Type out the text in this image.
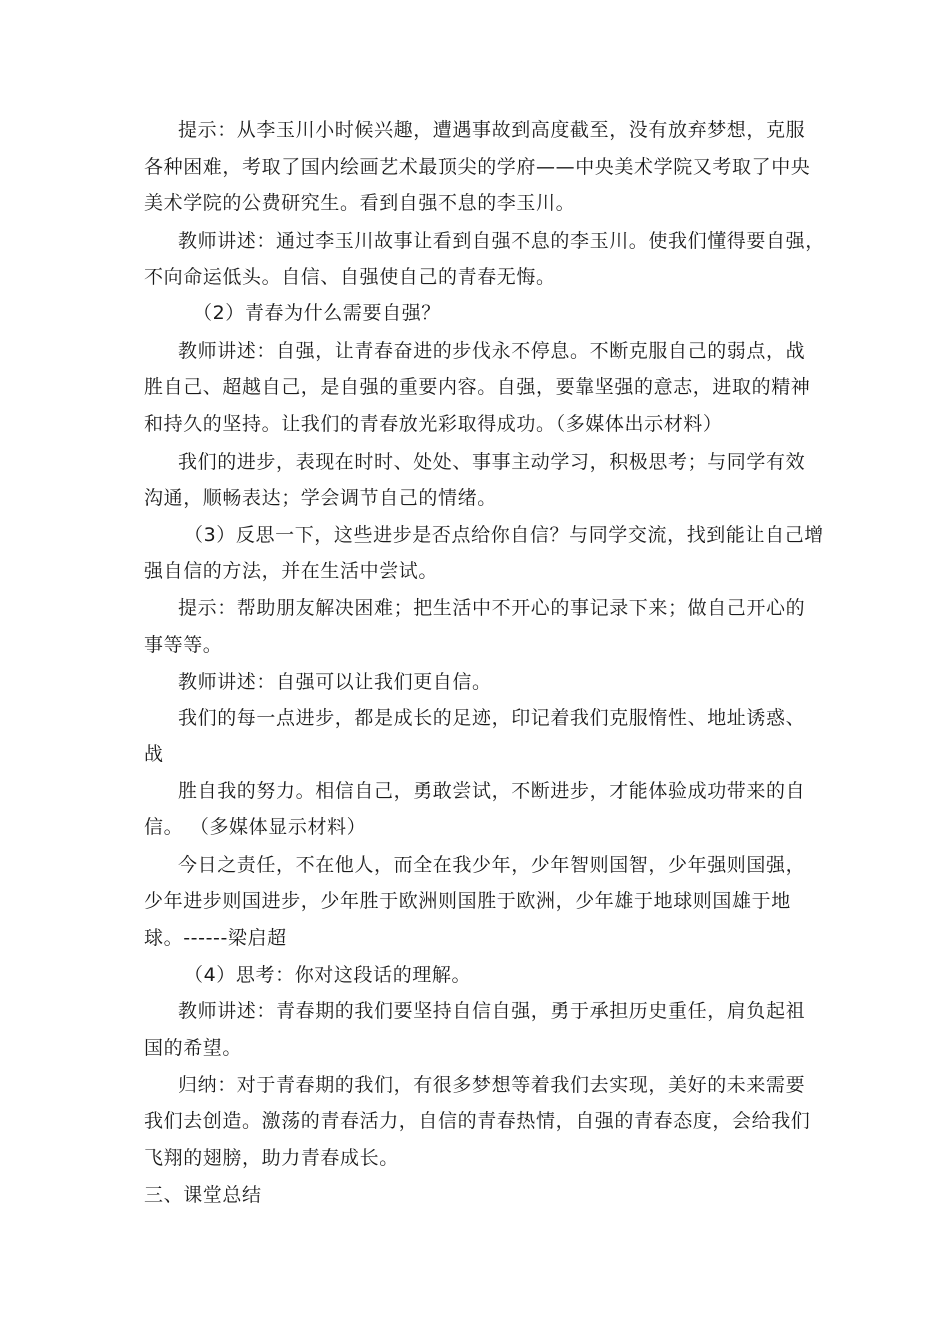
提示：从李玉川小时候兴趣，遭遇事故到高度截至，没有放弃梦想，克服
各种困难，考取了国内绘画艺术最顶尖的学府——中央美术学院又考取了中央
美术学院的公费研究生。看到自强不息的李玉川。
教师讲述：通过李玉川故事让看到自强不息的李玉川。使我们懂得要自强，
不向命运低头。自信、自强使自己的青春无悔。
（2）青春为什么需要自强？
教师讲述：自强，让青春奋进的步伐永不停息。不断克服自己的弱点，战
胜自己、超越自己，是自强的重要内容。自强，要靠坚强的意志，进取的精神
和持久的坚持。让我们的青春放光彩取得成功。（多媒体出示材料）
我们的进步，表现在时时、处处、事事主动学习，积极思考；与同学有效
沟通，顺畅表达；学会调节自己的情绪。
（3）反思一下，这些进步是否点给你自信？与同学交流，找到能让自己增
强自信的方法，并在生活中尝试。
提示：帮助朋友解决困难；把生活中不开心的事记录下来；做自己开心的
事等等。
教师讲述：自强可以让我们更自信。
我们的每一点进步，都是成长的足迹，印记着我们克服惰性、地址诱惑、
战
胜自我的努力。相信自己，勇敢尝试，不断进步，才能体验成功带来的自
信。 （多媒体显示材料）
今日之责任，不在他人，而全在我少年，少年智则国智，少年强则国强，
少年进步则国进步，少年胜于欧洲则国胜于欧洲，少年雄于地球则国雄于地
球。------梁启超
（4）思考：你对这段话的理解。
教师讲述：青春期的我们要坚持自信自强，勇于承担历史重任，肩负起祖
国的希望。
归纳：对于青春期的我们，有很多梦想等着我们去实现，美好的未来需要
我们去创造。激荡的青春活力，自信的青春热情，自强的青春态度，会给我们
飞翔的翅膀，助力青春成长。
三、课堂总结
